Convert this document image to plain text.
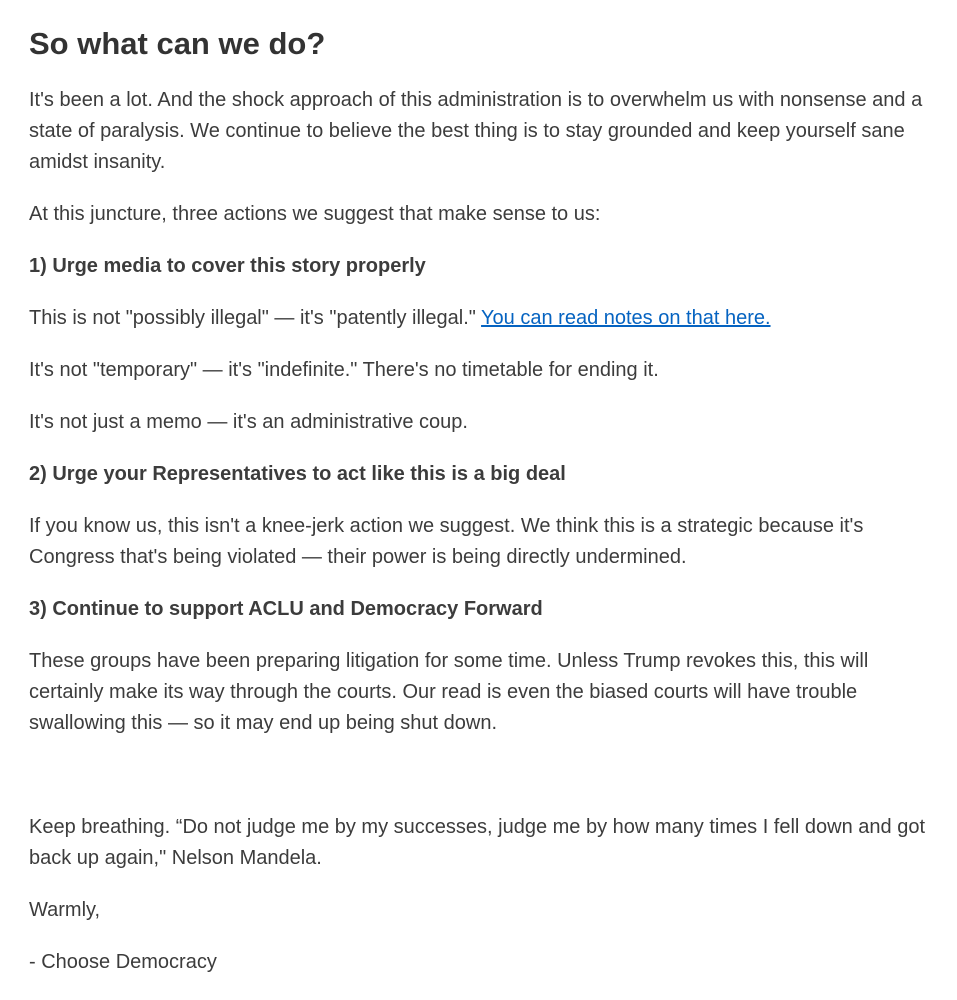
So what can we do?

It's been a lot. And the shock approach of this administration is to overwhelm us with nonsense and a state of paralysis. We continue to believe the best thing is to stay grounded and keep yourself sane amidst insanity.

At this juncture, three actions we suggest that make sense to us:

1) Urge media to cover this story properly

This is not "possibly illegal" — it's "patently illegal." You can read notes on that here.

It's not "temporary" — it's "indefinite." There's no timetable for ending it.

It's not just a memo — it's an administrative coup.

2) Urge your Representatives to act like this is a big deal

If you know us, this isn't a knee-jerk action we suggest. We think this is a strategic because it's Congress that's being violated — their power is being directly undermined.

3) Continue to support ACLU and Democracy Forward

These groups have been preparing litigation for some time. Unless Trump revokes this, this will certainly make its way through the courts. Our read is even the biased courts will have trouble swallowing this — so it may end up being shut down.

Keep breathing. “Do not judge me by my successes, judge me by how many times I fell down and got back up again," Nelson Mandela.

Warmly,

- Choose Democracy
